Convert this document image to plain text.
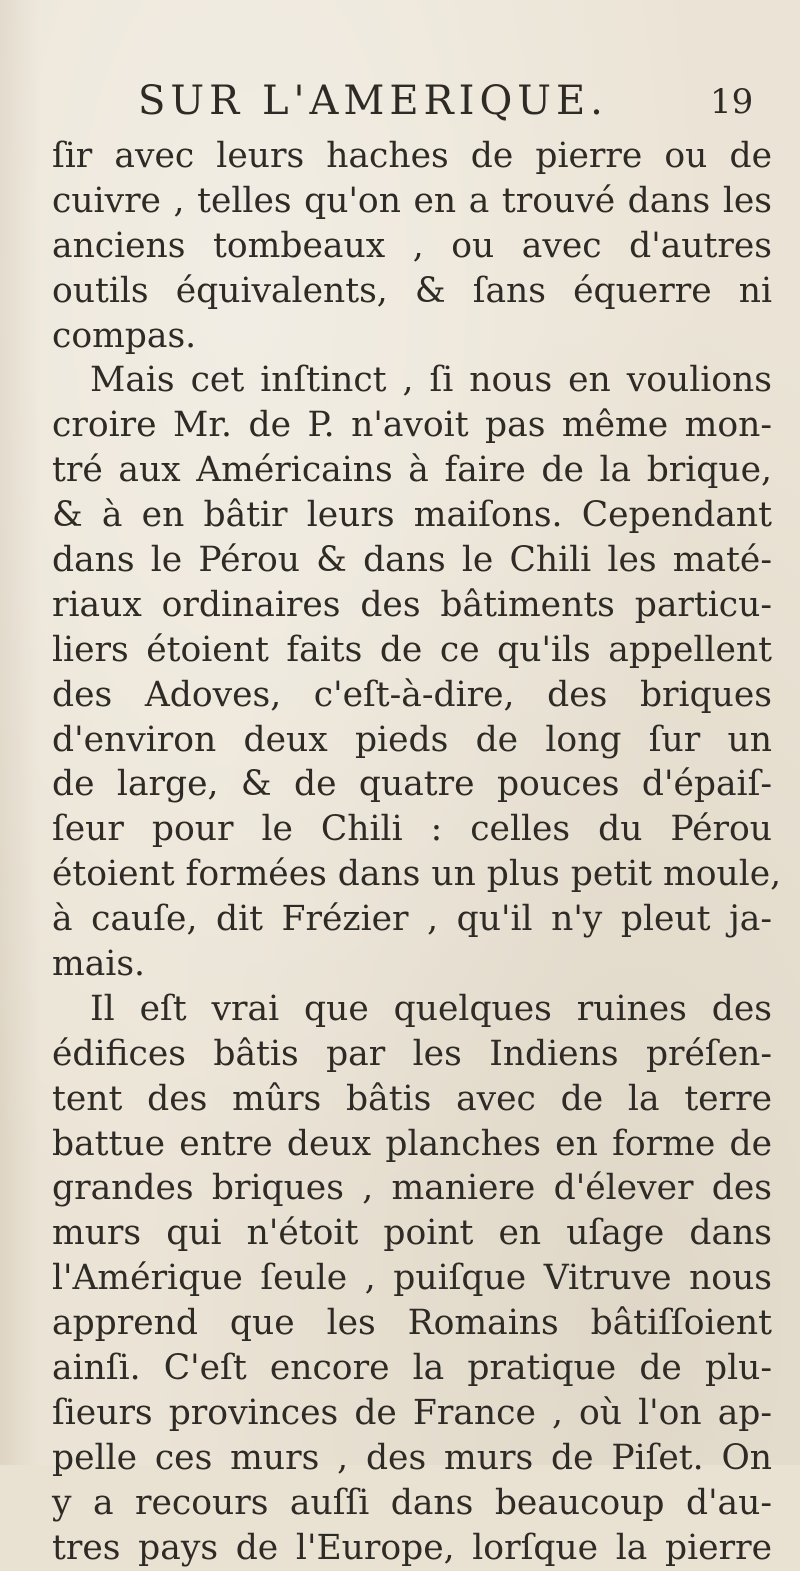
SUR L'AMERIQUE.	19
ſir avec leurs haches de pierre ou de
cuivre , telles qu'on en a trouvé dans les
anciens tombeaux , ou avec d'autres
outils équivalents, & ſans équerre ni
compas.
Mais cet inſtinct , ſi nous en voulions
croire Mr. de P. n'avoit pas même mon-
tré aux Américains à faire de la brique,
& à en bâtir leurs maiſons. Cependant
dans le Pérou & dans le Chili les maté-
riaux ordinaires des bâtiments particu-
liers étoient faits de ce qu'ils appellent
des Adoves, c'eſt-à-dire, des briques
d'environ deux pieds de long ſur un
de large, & de quatre pouces d'épaiſ-
ſeur pour le Chili : celles du Pérou
étoient formées dans un plus petit moule,
à cauſe, dit Frézier , qu'il n'y pleut ja-
mais.
Il eſt vrai que quelques ruines des
édifices bâtis par les Indiens préſen-
tent des mûrs bâtis avec de la terre
battue entre deux planches en forme de
grandes briques , maniere d'élever des
murs qui n'étoit point en uſage dans
l'Amérique ſeule , puiſque Vitruve nous
apprend que les Romains bâtiſſoient
ainſi. C'eſt encore la pratique de plu-
ſieurs provinces de France , où l'on ap-
pelle ces murs , des murs de Piſet. On
y a recours auſſi dans beaucoup d'au-
tres pays de l'Europe, lorſque la pierre
